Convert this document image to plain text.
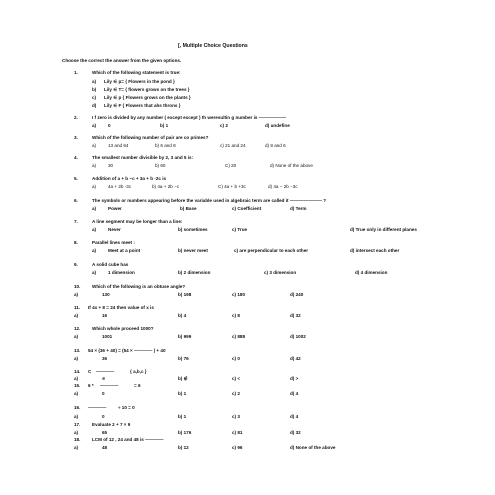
[, Multiple Choice Questions
Choose the correct the answer from the given options.
1.	Which of the following statement is true:
a) Lily ∈ p= { Flowers in the pond }
b) Lily ∈ T= { flowers grows on the trees }
c) Lily ∈ p { Flowers grows on the plants }
d) Lily ∈ F { Flowers that ahs throns }
2.	I f zero is divided by any number ( except except ) th weresultin g number is ——————
a)	0	b) 1	c) 2	d) undefine
3.	Which of the following number of pair are co primes?
a)	13 and 64	b) 6 and 8	c) 21 and 24	d) 8 and 6
4.	The smallest number divisible by 2, 3 and 5 is:
a)	30	b) 60	C) 20	d) None of the above
5.	Addition of a + b −c + 3a + b -2c is
a)	4a + 2b -3c	b) 4a + 2b −c	C) 4a + b +3c	d) 4a − 2b −3c
6.	The symbols or numbers appearing before the variable used in algebraic term are called it ——————— ?
a)	Power	b) Base	c) Coefficient	d) Term
7.	A line segment may be longer than a line:
a)	Never	b) sometimes	c) True	d) True only in different planes
8.	Parallel lines meet :
a)	Meet at a point	b) never meet	c) are perpendicular to each other	d) intersect each other
9.	A solid cube has
a)	1 dimension	b) 2 dimension	c) 3 dimension	d) 4 dimension
10.	Which of the following is an obtuse angle?
a)	130	b) 198	c) 180	d) 240
11. If 4x + 8 = 24 then value of x is
a)	16	b) 4	c) 8	d) 32
12.	Which whole proceed 1000?
a)	1001	b) 999	c) 888	d) 1002
13. 54 × (36 + 40) = (54 × ———— ) + 40
a)	36	b) 76	c) 0	d) 42
14. C ————	{ a,b,c }
a)	∊	b) ∉	c) <	d) >
15. 6 * ————	= 6
a)	0	b) 1	c) 2	d) 4
16. ————	÷ 10 = 0
a)	0	b) 1	c) 3	d) 4
17.	Evaluate 2 + 7 × 9
a)	65	b) 176	c) 81	d) 32
18.	LCM of 12 , 24 and 48 is ————
a)	48	b) 12	c) 96	d) None of the above
